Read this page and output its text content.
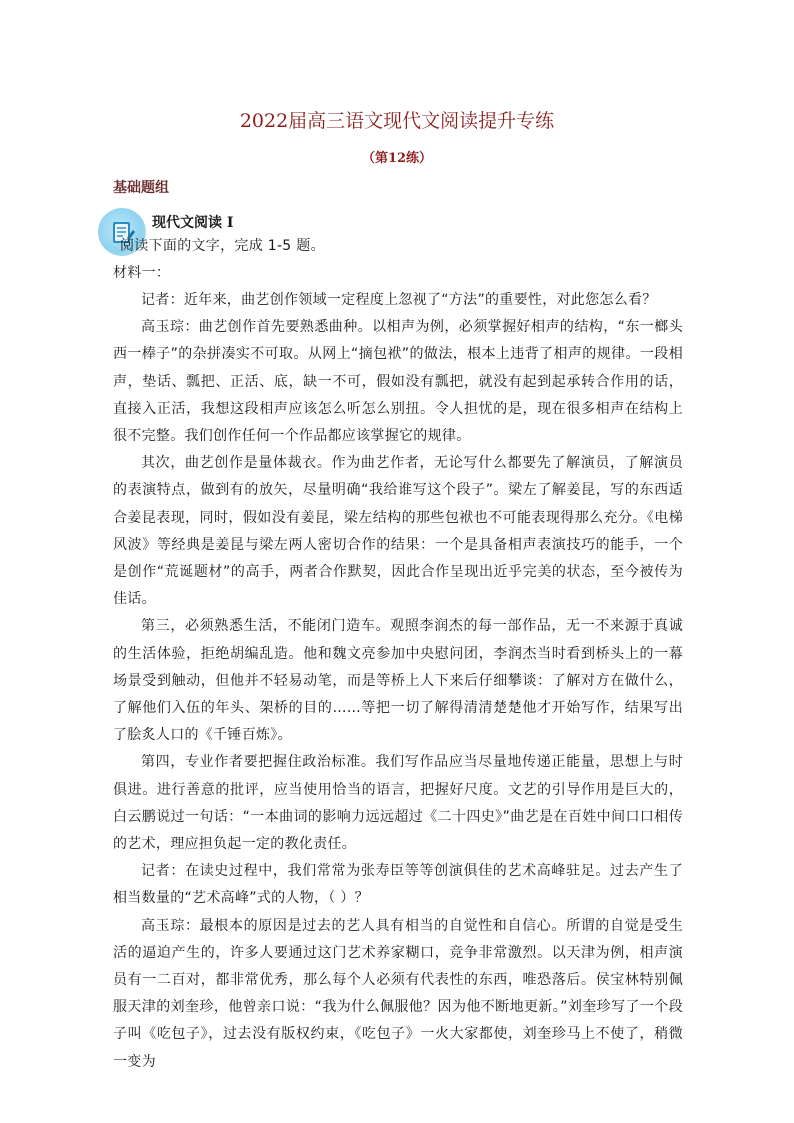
2022届高三语文现代文阅读提升专练
（第12练）
基础题组
现代文阅读 I
阅读下面的文字，完成 1-5 题。
材料一：

记者：近年来，曲艺创作领域一定程度上忽视了“方法”的重要性，对此您怎么看？

高玉琮：曲艺创作首先要熟悉曲种。以相声为例，必须掌握好相声的结构，“东一榔头西一棒子”的杂拼凑实不可取。从网上“摘包袱”的做法，根本上违背了相声的规律。一段相声，垫话、瓢把、正活、底，缺一不可，假如没有瓢把，就没有起到起承转合作用的话，直接入正活，我想这段相声应该怎么听怎么别扭。令人担忧的是，现在很多相声在结构上很不完整。我们创作任何一个作品都应该掌握它的规律。

其次，曲艺创作是量体裁衣。作为曲艺作者，无论写什么都要先了解演员，了解演员的表演特点，做到有的放矢，尽量明确“我给谁写这个段子”。梁左了解姜昆，写的东西适合姜昆表现，同时，假如没有姜昆，梁左结构的那些包袱也不可能表现得那么充分。《电梯风波》等经典是姜昆与梁左两人密切合作的结果：一个是具备相声表演技巧的能手，一个是创作“荒诞题材”的高手，两者合作默契，因此合作呈现出近乎完美的状态，至今被传为佳话。

第三，必须熟悉生活，不能闭门造车。观照李润杰的每一部作品，无一不来源于真诚的生活体验，拒绝胡编乱造。他和魏文亮参加中央慰问团，李润杰当时看到桥头上的一幕场景受到触动，但他并不轻易动笔，而是等桥上人下来后仔细攀谈：了解对方在做什么，了解他们入伍的年头、架桥的目的……等把一切了解得清清楚楚他才开始写作，结果写出了脍炙人口的《千锤百炼》。

第四，专业作者要把握住政治标准。我们写作品应当尽量地传递正能量，思想上与时俱进。进行善意的批评，应当使用恰当的语言，把握好尺度。文艺的引导作用是巨大的，白云鹏说过一句话：“一本曲词的影响力远远超过《二十四史》”曲艺是在百姓中间口口相传的艺术，理应担负起一定的教化责任。

记者：在读史过程中，我们常常为张寿臣等等创演俱佳的艺术高峰驻足。过去产生了相当数量的“艺术高峰”式的人物，（ ）？

高玉琮：最根本的原因是过去的艺人具有相当的自觉性和自信心。所谓的自觉是受生活的逼迫产生的，许多人要通过这门艺术养家糊口，竞争非常激烈。以天津为例，相声演员有一二百对，都非常优秀，那么每个人必须有代表性的东西，唯恐落后。侯宝林特别佩服天津的刘奎珍，他曾亲口说：“我为什么佩服他？因为他不断地更新。”刘奎珍写了一个段子叫《吃包子》，过去没有版权约束，《吃包子》一火大家都使，刘奎珍马上不使了，稍微一变为
